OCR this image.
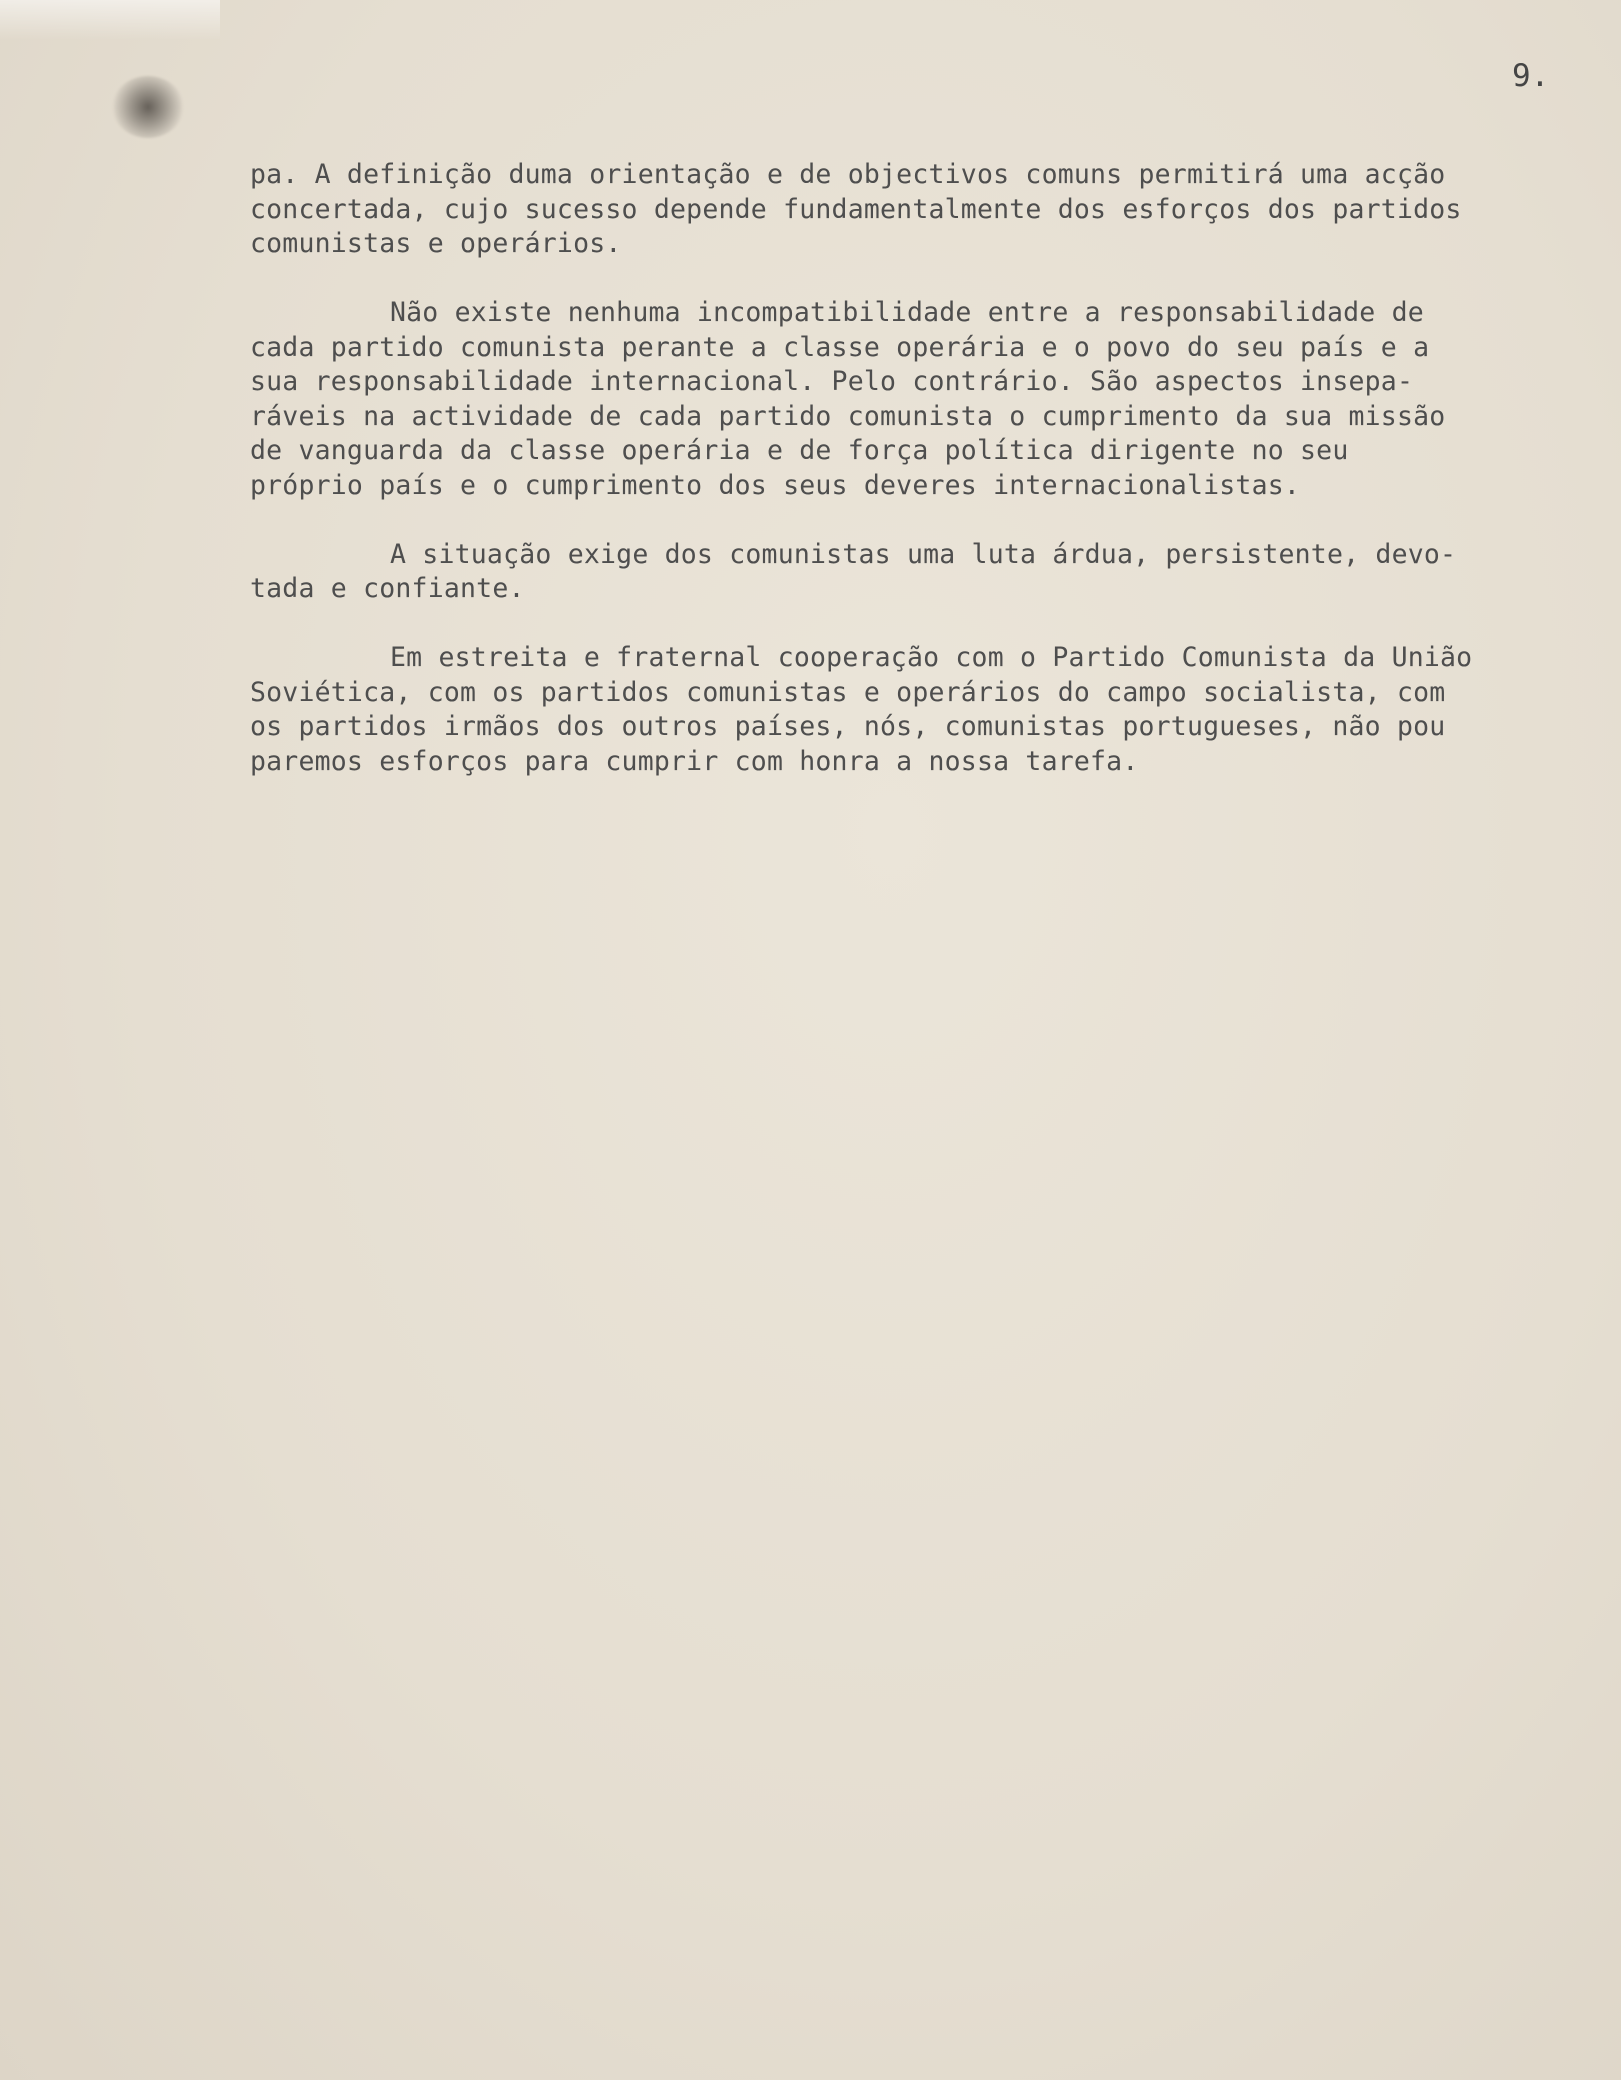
9.

pa. A definição duma orientação e de objectivos comuns permitirá uma acção
concertada, cujo sucesso depende fundamentalmente dos esforços dos partidos
comunistas e operários.

Não existe nenhuma incompatibilidade entre a responsabilidade de
cada partido comunista perante a classe operária e o povo do seu país e a
sua responsabilidade internacional. Pelo contrário. São aspectos insepa-
ráveis na actividade de cada partido comunista o cumprimento da sua missão
de vanguarda da classe operária e de força política dirigente no seu
próprio país e o cumprimento dos seus deveres internacionalistas.

A situação exige dos comunistas uma luta árdua, persistente, devo-
tada e confiante.

Em estreita e fraternal cooperação com o Partido Comunista da União
Soviética, com os partidos comunistas e operários do campo socialista, com
os partidos irmãos dos outros países, nós, comunistas portugueses, não pou
paremos esforços para cumprir com honra a nossa tarefa.
